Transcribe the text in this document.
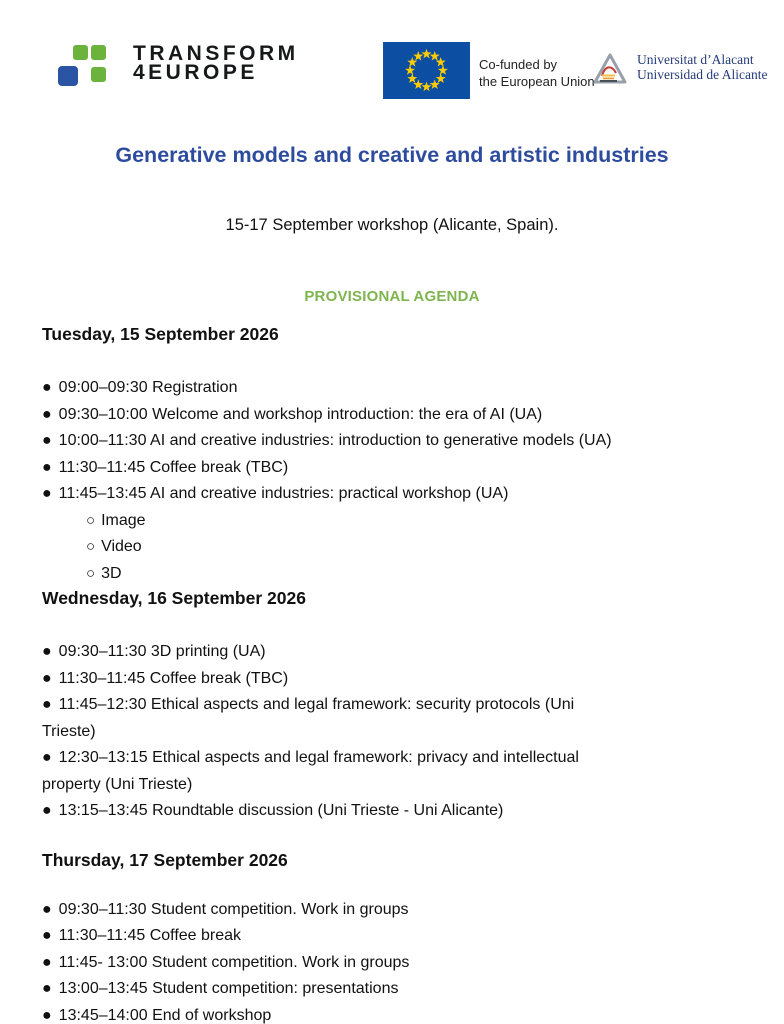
TRANSFORM
4EUROPE	Co-funded by
the European Union
Universitat d’Alacant
Universidad de Alicante
Generative models and creative and artistic industries
15-17 September workshop (Alicante, Spain).
PROVISIONAL AGENDA
Tuesday, 15 September 2026
● 09:00–09:30 Registration
● 09:30–10:00 Welcome and workshop introduction: the era of AI (UA)
● 10:00–11:30 AI and creative industries: introduction to generative models (UA)
● 11:30–11:45 Coffee break (TBC)
● 11:45–13:45 AI and creative industries: practical workshop (UA)
○ Image
○ Video
○ 3D
Wednesday, 16 September 2026
● 09:30–11:30 3D printing (UA)
● 11:30–11:45 Coffee break (TBC)
● 11:45–12:30 Ethical aspects and legal framework: security protocols (Uni
Trieste)
● 12:30–13:15 Ethical aspects and legal framework: privacy and intellectual
property (Uni Trieste)
● 13:15–13:45 Roundtable discussion (Uni Trieste - Uni Alicante)
Thursday, 17 September 2026
● 09:30–11:30 Student competition. Work in groups
● 11:30–11:45 Coffee break
● 11:45- 13:00 Student competition. Work in groups
● 13:00–13:45 Student competition: presentations
● 13:45–14:00 End of workshop
